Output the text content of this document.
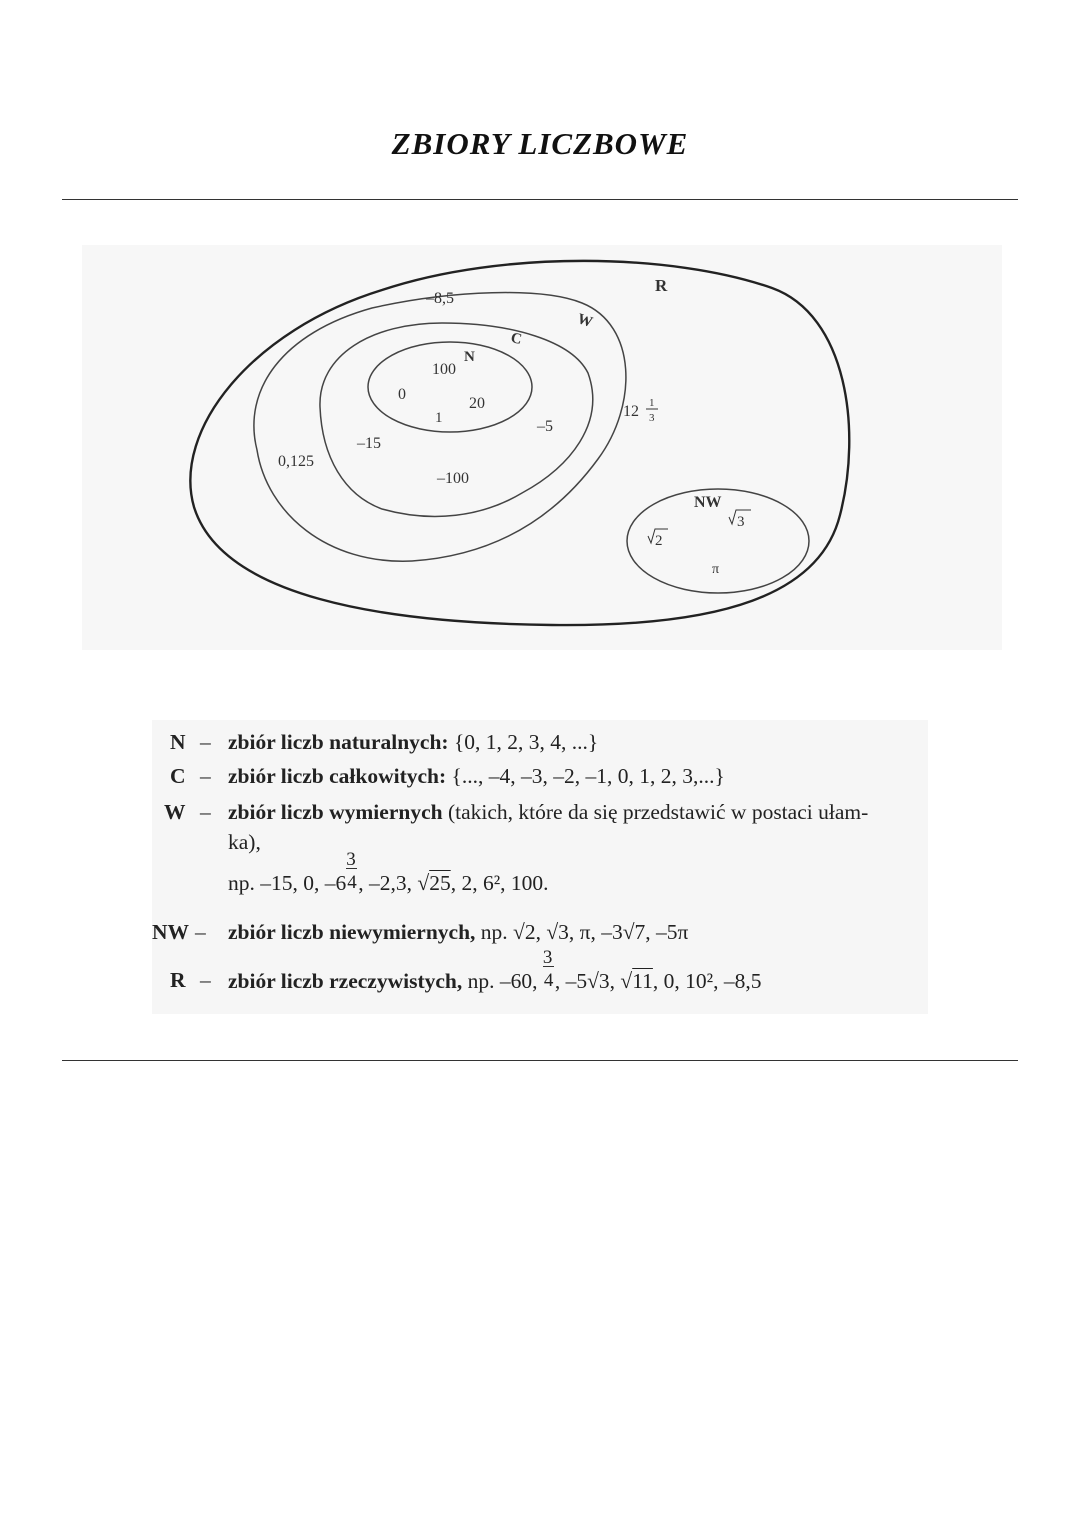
ZBIORY LICZBOWE
R
W
C
N
NW
100
0
20
1
–8,5
–5
–15
–100
0,125
12 1
3
2
3
π
N – zbiór liczb naturalnych: {0, 1, 2, 3, 4, ...}
C – zbiór liczb całkowitych: {..., –4, –3, –2, –1, 0, 1, 2, 3,...}
W – zbiór liczb wymiernych (takich, które da się przedstawić w postaci ułam-
ka),
np. –15, 0, $-6 \frac{3}{4}$ , –2,3, √25, 2, 6², 100.
NW – zbiór liczb niewymiernych, np. √2, √3, π, –3√7, –5π
R – zbiór liczb rzeczywistych, np. –60, $\frac{3}{4}$ , –5√3, √11, 0, 10², –8,5
